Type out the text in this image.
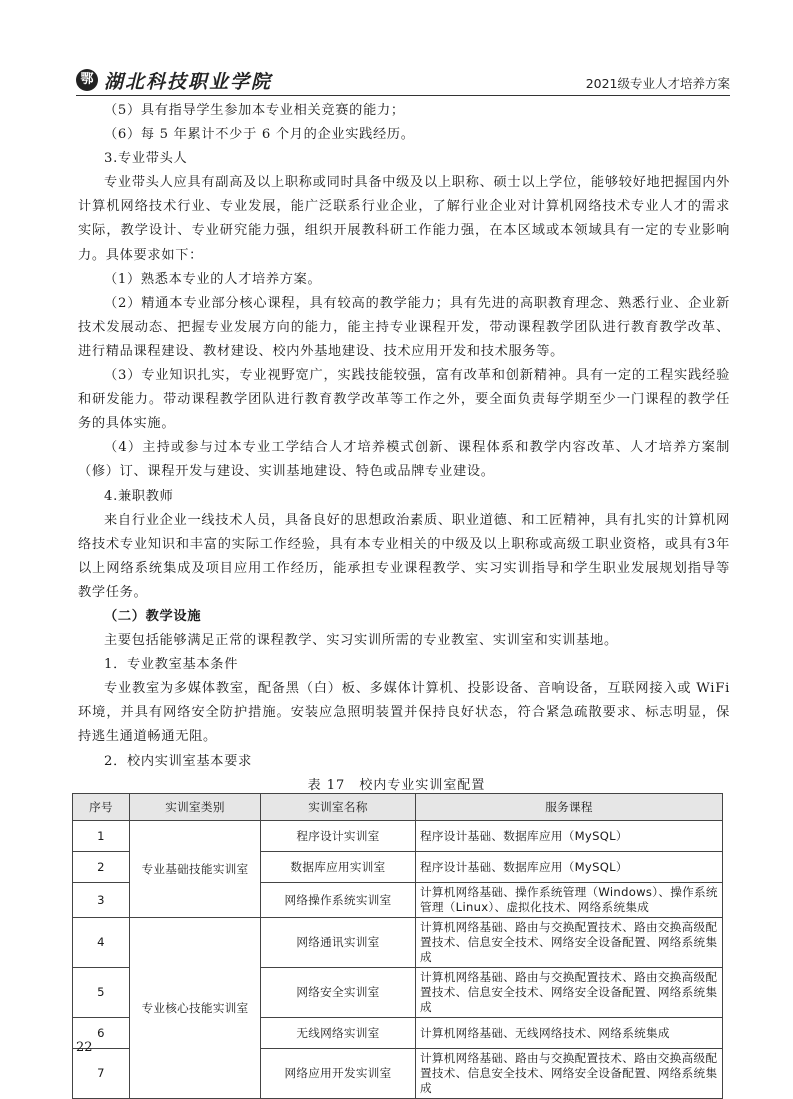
鄂 湖北科技职业学院	2021级专业人才培养方案

（5）具有指导学生参加本专业相关竞赛的能力；

（6）每 5 年累计不少于 6 个月的企业实践经历。

3.专业带头人

专业带头人应具有副高及以上职称或同时具备中级及以上职称、硕士以上学位，能够较好地把握国内外计算机网络技术行业、专业发展，能广泛联系行业企业，了解行业企业对计算机网络技术专业人才的需求实际，教学设计、专业研究能力强，组织开展教科研工作能力强，在本区域或本领域具有一定的专业影响力。具体要求如下：

（1）熟悉本专业的人才培养方案。

（2）精通本专业部分核心课程，具有较高的教学能力；具有先进的高职教育理念、熟悉行业、企业新技术发展动态、把握专业发展方向的能力，能主持专业课程开发，带动课程教学团队进行教育教学改革、进行精品课程建设、教材建设、校内外基地建设、技术应用开发和技术服务等。

（3）专业知识扎实，专业视野宽广，实践技能较强，富有改革和创新精神。具有一定的工程实践经验和研发能力。带动课程教学团队进行教育教学改革等工作之外，要全面负责每学期至少一门课程的教学任务的具体实施。

（4）主持或参与过本专业工学结合人才培养模式创新、课程体系和教学内容改革、人才培养方案制（修）订、课程开发与建设、实训基地建设、特色或品牌专业建设。

4.兼职教师

来自行业企业一线技术人员，具备良好的思想政治素质、职业道德、和工匠精神，具有扎实的计算机网络技术专业知识和丰富的实际工作经验，具有本专业相关的中级及以上职称或高级工职业资格，或具有3年以上网络系统集成及项目应用工作经历，能承担专业课程教学、实习实训指导和学生职业发展规划指导等教学任务。

（二）教学设施

主要包括能够满足正常的课程教学、实习实训所需的专业教室、实训室和实训基地。

1．专业教室基本条件

专业教室为多媒体教室，配备黑（白）板、多媒体计算机、投影设备、音响设备，互联网接入或 WiFi 环境，并具有网络安全防护措施。安装应急照明装置并保持良好状态，符合紧急疏散要求、标志明显，保持逃生通道畅通无阻。

2．校内实训室基本要求

表 17　校内专业实训室配置
序号	实训室类别	实训室名称	服务课程
1	专业基础技能实训室	程序设计实训室	程序设计基础、数据库应用（MySQL）
2		数据库应用实训室	程序设计基础、数据库应用（MySQL）
3		网络操作系统实训室	计算机网络基础、操作系统管理（Windows）、操作系统管理（Linux）、虚拟化技术、网络系统集成
4	专业核心技能实训室	网络通讯实训室	计算机网络基础、路由与交换配置技术、路由交换高级配置技术、信息安全技术、网络安全设备配置、网络系统集成
5		网络安全实训室	计算机网络基础、路由与交换配置技术、路由交换高级配置技术、信息安全技术、网络安全设备配置、网络系统集成
6		无线网络实训室	计算机网络基础、无线网络技术、网络系统集成
7		网络应用开发实训室	计算机网络基础、路由与交换配置技术、路由交换高级配置技术、信息安全技术、网络安全设备配置、网络系统集成
22
